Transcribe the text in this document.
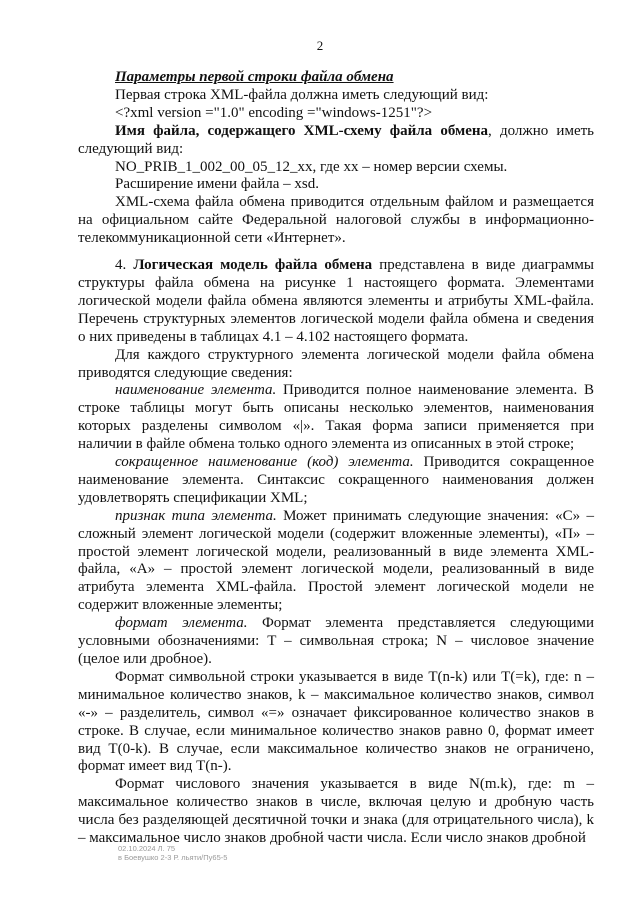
2

Параметры первой строки файла обмена

Первая строка XML-файла должна иметь следующий вид:

<?xml version ="1.0" encoding ="windows-1251"?>

Имя файла, содержащего XML-схему файла обмена, должно иметь следующий вид:

NO_PRIB_1_002_00_05_12_xx, где хх – номер версии схемы.

Расширение имени файла – xsd.

XML-схема файла обмена приводится отдельным файлом и размещается на официальном сайте Федеральной налоговой службы в информационно-телекоммуникационной сети «Интернет».

4. Логическая модель файла обмена представлена в виде диаграммы структуры файла обмена на рисунке 1 настоящего формата. Элементами логической модели файла обмена являются элементы и атрибуты XML-файла. Перечень структурных элементов логической модели файла обмена и сведения о них приведены в таблицах 4.1 – 4.102 настоящего формата.

Для каждого структурного элемента логической модели файла обмена приводятся следующие сведения:

наименование элемента. Приводится полное наименование элемента. В строке таблицы могут быть описаны несколько элементов, наименования которых разделены символом «|». Такая форма записи применяется при наличии в файле обмена только одного элемента из описанных в этой строке;

сокращенное наименование (код) элемента. Приводится сокращенное наименование элемента. Синтаксис сокращенного наименования должен удовлетворять спецификации XML;

признак типа элемента. Может принимать следующие значения: «С» – сложный элемент логической модели (содержит вложенные элементы), «П» – простой элемент логической модели, реализованный в виде элемента XML-файла, «А» – простой элемент логической модели, реализованный в виде атрибута элемента XML-файла. Простой элемент логической модели не содержит вложенные элементы;

формат элемента. Формат элемента представляется следующими условными обозначениями: T – символьная строка; N – числовое значение (целое или дробное).

Формат символьной строки указывается в виде T(n-k) или T(=k), где: n – минимальное количество знаков, k – максимальное количество знаков, символ «-» – разделитель, символ «=» означает фиксированное количество знаков в строке. В случае, если минимальное количество знаков равно 0, формат имеет вид T(0-k). В случае, если максимальное количество знаков не ограничено, формат имеет вид T(n-).

Формат числового значения указывается в виде N(m.k), где: m – максимальное количество знаков в числе, включая целую и дробную часть числа без разделяющей десятичной точки и знака (для отрицательного числа), k – максимальное число знаков дробной части числа. Если число знаков дробной

02.10.2024 Л. 75
в Боевушко 2-3 Р. льяти/Пу65-5
